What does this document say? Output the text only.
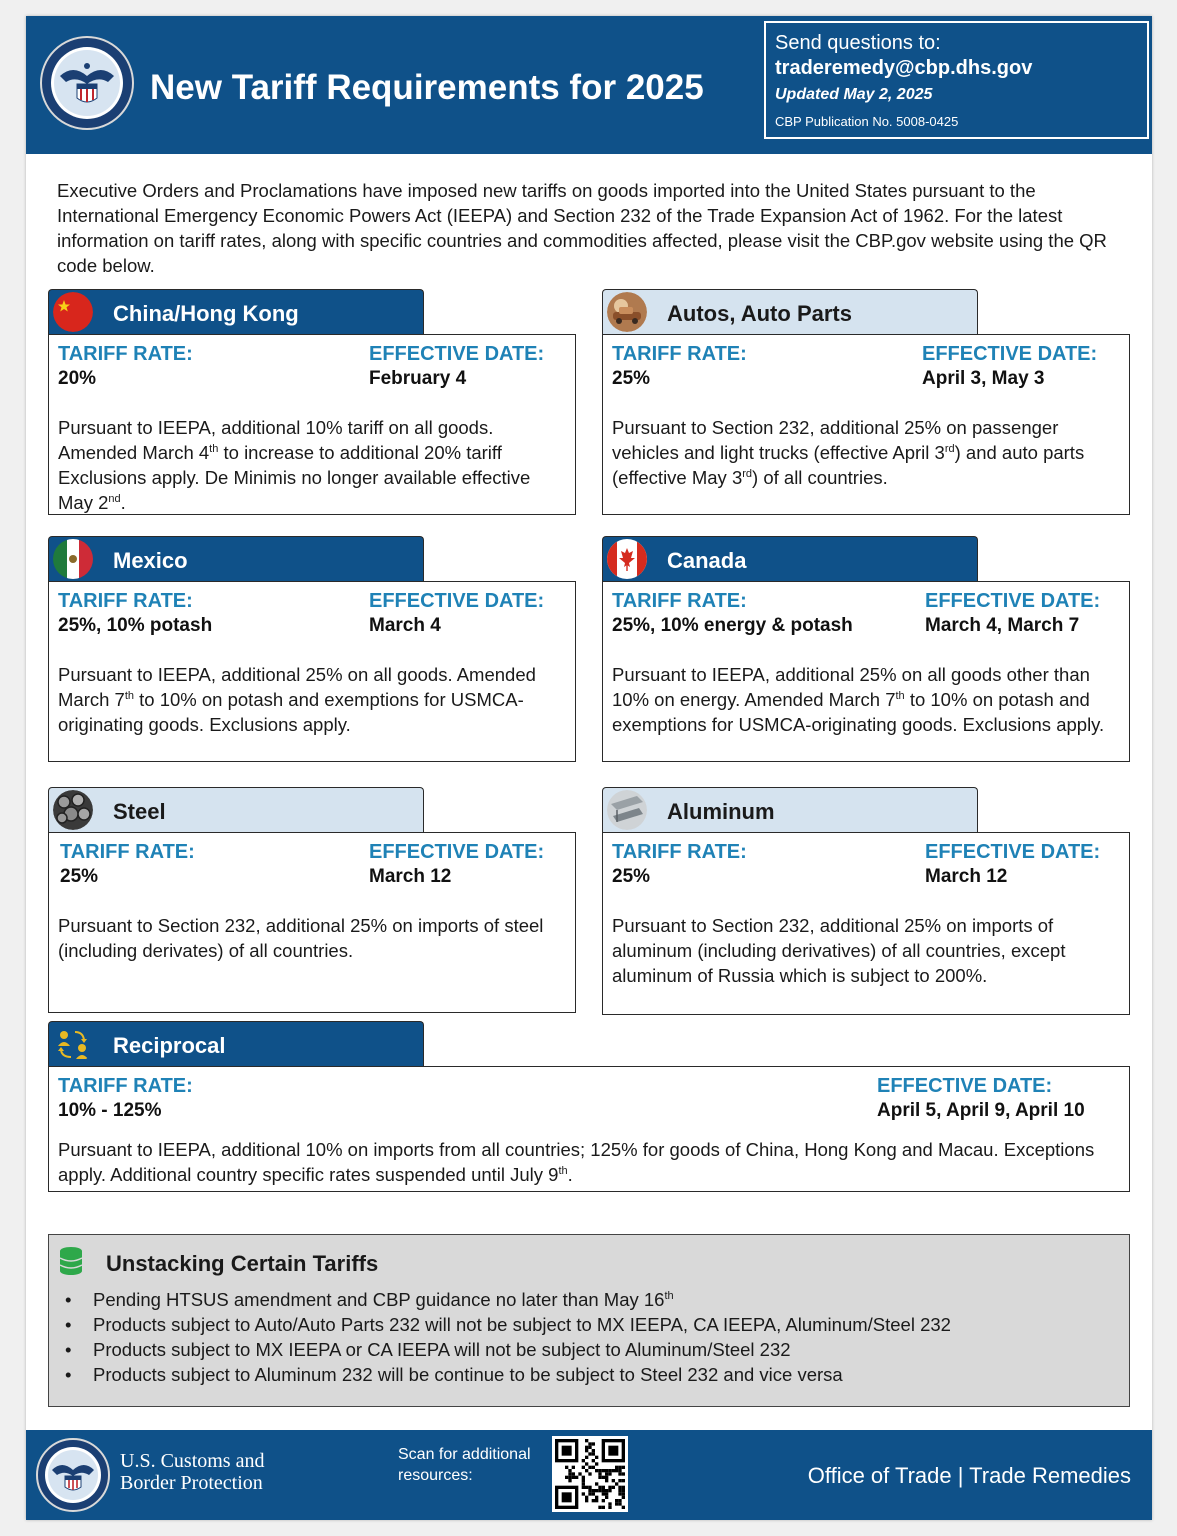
New Tariff Requirements for 2025
Send questions to:
traderemedy@cbp.dhs.gov
Updated May 2, 2025
CBP Publication No. 5008-0425
Executive Orders and Proclamations have imposed new tariffs on goods imported into the United States pursuant to the International Emergency Economic Powers Act (IEEPA) and Section 232 of the Trade Expansion Act of 1962. For the latest information on tariff rates, along with specific countries and commodities affected, please visit the CBP.gov website using the QR code below.
China/Hong Kong
TARIFF RATE:	EFFECTIVE DATE:
20%	February 4
Pursuant to IEEPA, additional 10% tariff on all goods. Amended March 4th to increase to additional 20% tariff Exclusions apply. De Minimis no longer available effective May 2nd.
Autos, Auto Parts
TARIFF RATE:	EFFECTIVE DATE:
25%	April 3, May 3
Pursuant to Section 232, additional 25% on passenger vehicles and light trucks (effective April 3rd) and auto parts (effective May 3rd) of all countries.
Mexico
TARIFF RATE:	EFFECTIVE DATE:
25%, 10% potash	March 4
Pursuant to IEEPA, additional 25% on all goods. Amended March 7th to 10% on potash and exemptions for USMCA-originating goods. Exclusions apply.
Canada
TARIFF RATE:	EFFECTIVE DATE:
25%, 10% energy & potash	March 4, March 7
Pursuant to IEEPA, additional 25% on all goods other than 10% on energy. Amended March 7th to 10% on potash and exemptions for USMCA-originating goods. Exclusions apply.
Steel
TARIFF RATE:	EFFECTIVE DATE:
25%	March 12
Pursuant to Section 232, additional 25% on imports of steel (including derivates) of all countries.
Aluminum
TARIFF RATE:	EFFECTIVE DATE:
25%	March 12
Pursuant to Section 232, additional 25% on imports of aluminum (including derivatives) of all countries, except aluminum of Russia which is subject to 200%.
Reciprocal
TARIFF RATE:	EFFECTIVE DATE:
10% - 125%	April 5, April 9, April 10
Pursuant to IEEPA, additional 10% on imports from all countries; 125% for goods of China, Hong Kong and Macau. Exceptions apply. Additional country specific rates suspended until July 9th.
Unstacking Certain Tariffs
• Pending HTSUS amendment and CBP guidance no later than May 16th
• Products subject to Auto/Auto Parts 232 will not be subject to MX IEEPA, CA IEEPA, Aluminum/Steel 232
• Products subject to MX IEEPA or CA IEEPA will not be subject to Aluminum/Steel 232
• Products subject to Aluminum 232 will be continue to be subject to Steel 232 and vice versa
U.S. Customs and
Border Protection
Scan for additional
resources:	Office of Trade | Trade Remedies
